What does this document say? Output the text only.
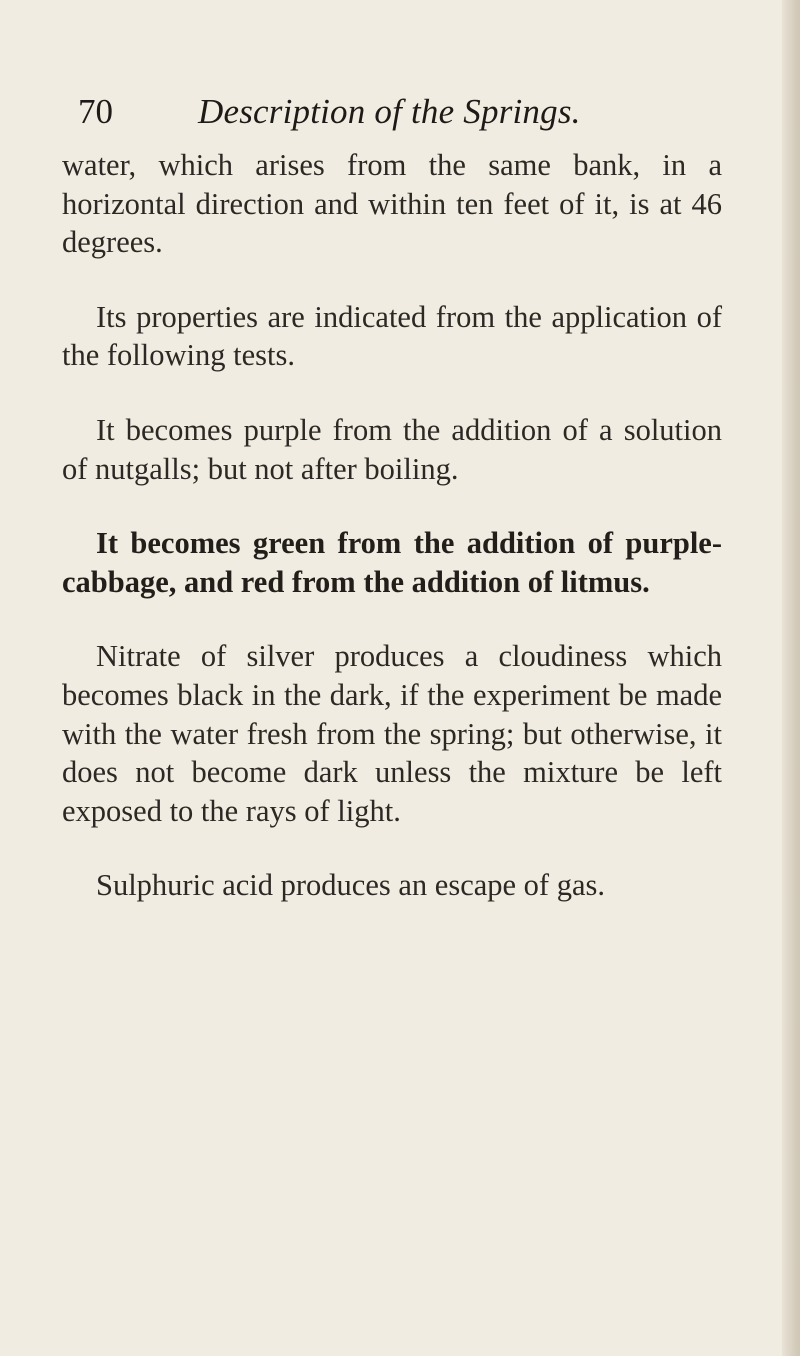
70 Description of the Springs.

water, which arises from the same bank, in a horizontal direction and within ten feet of it, is at 46 degrees.

Its properties are indicated from the application of the following tests.

It becomes purple from the addition of a solution of nutgalls; but not after boiling.

It becomes green from the addition of purple-cabbage, and red from the addition of litmus.

Nitrate of silver produces a cloudiness which becomes black in the dark, if the experiment be made with the water fresh from the spring; but otherwise, it does not become dark unless the mixture be left exposed to the rays of light.

Sulphuric acid produces an escape of gas.
